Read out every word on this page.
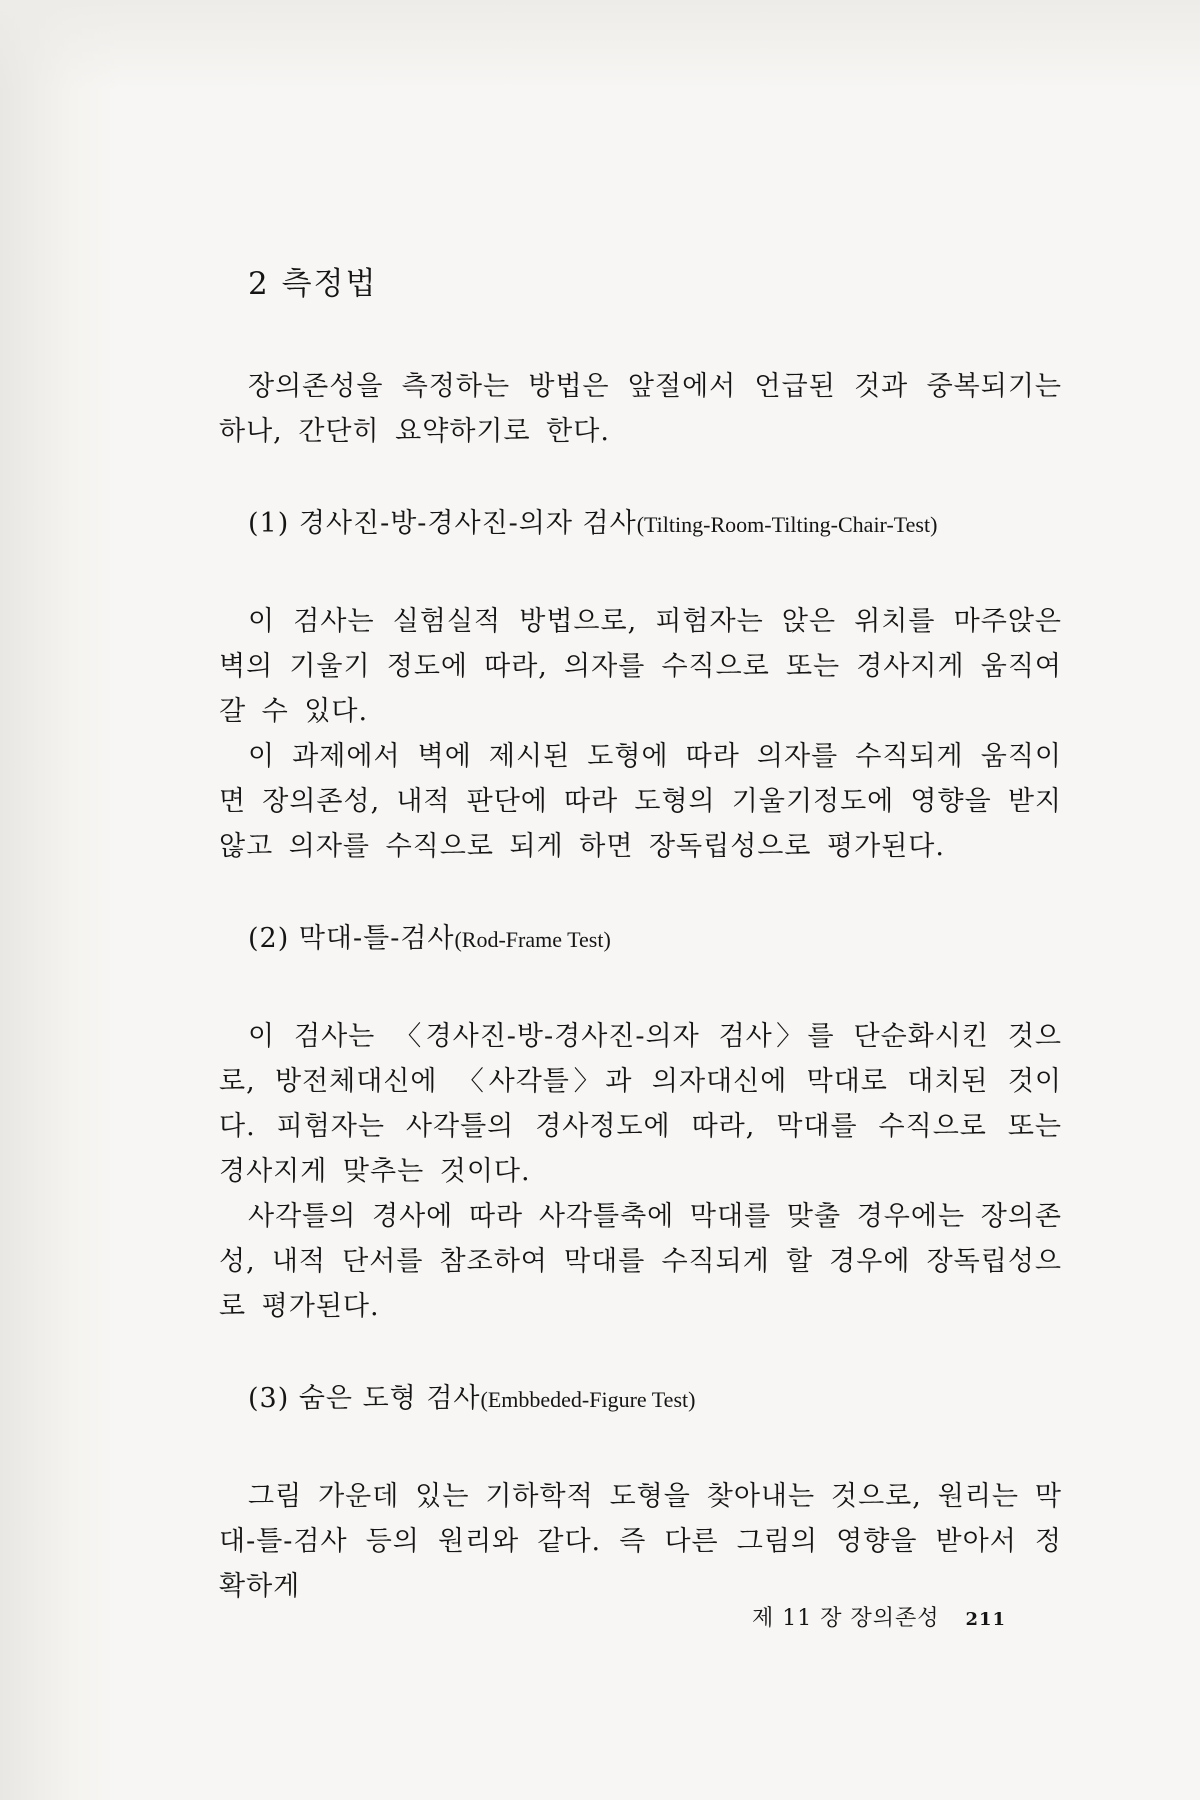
2 측정법

장의존성을 측정하는 방법은 앞절에서 언급된 것과 중복되기는 하나, 간단히 요약하기로 한다.

(1) 경사진-방-경사진-의자 검사(Tilting-Room-Tilting-Chair-Test)

이 검사는 실험실적 방법으로, 피험자는 앉은 위치를 마주앉은 벽의 기울기 정도에 따라, 의자를 수직으로 또는 경사지게 움직여 갈 수 있다.

이 과제에서 벽에 제시된 도형에 따라 의자를 수직되게 움직이면 장의존성, 내적 판단에 따라 도형의 기울기정도에 영향을 받지 않고 의자를 수직으로 되게 하면 장독립성으로 평가된다.

(2) 막대-틀-검사(Rod-Frame Test)

이 검사는 〈경사진-방-경사진-의자 검사〉를 단순화시킨 것으로, 방전체대신에 〈사각틀〉과 의자대신에 막대로 대치된 것이다. 피험자는 사각틀의 경사정도에 따라, 막대를 수직으로 또는 경사지게 맞추는 것이다.

사각틀의 경사에 따라 사각틀축에 막대를 맞출 경우에는 장의존성, 내적 단서를 참조하여 막대를 수직되게 할 경우에 장독립성으로 평가된다.

(3) 숨은 도형 검사(Embbeded-Figure Test)

그림 가운데 있는 기하학적 도형을 찾아내는 것으로, 원리는 막대-틀-검사 등의 원리와 같다. 즉 다른 그림의 영향을 받아서 정확하게

제 11 장 장의존성 211
